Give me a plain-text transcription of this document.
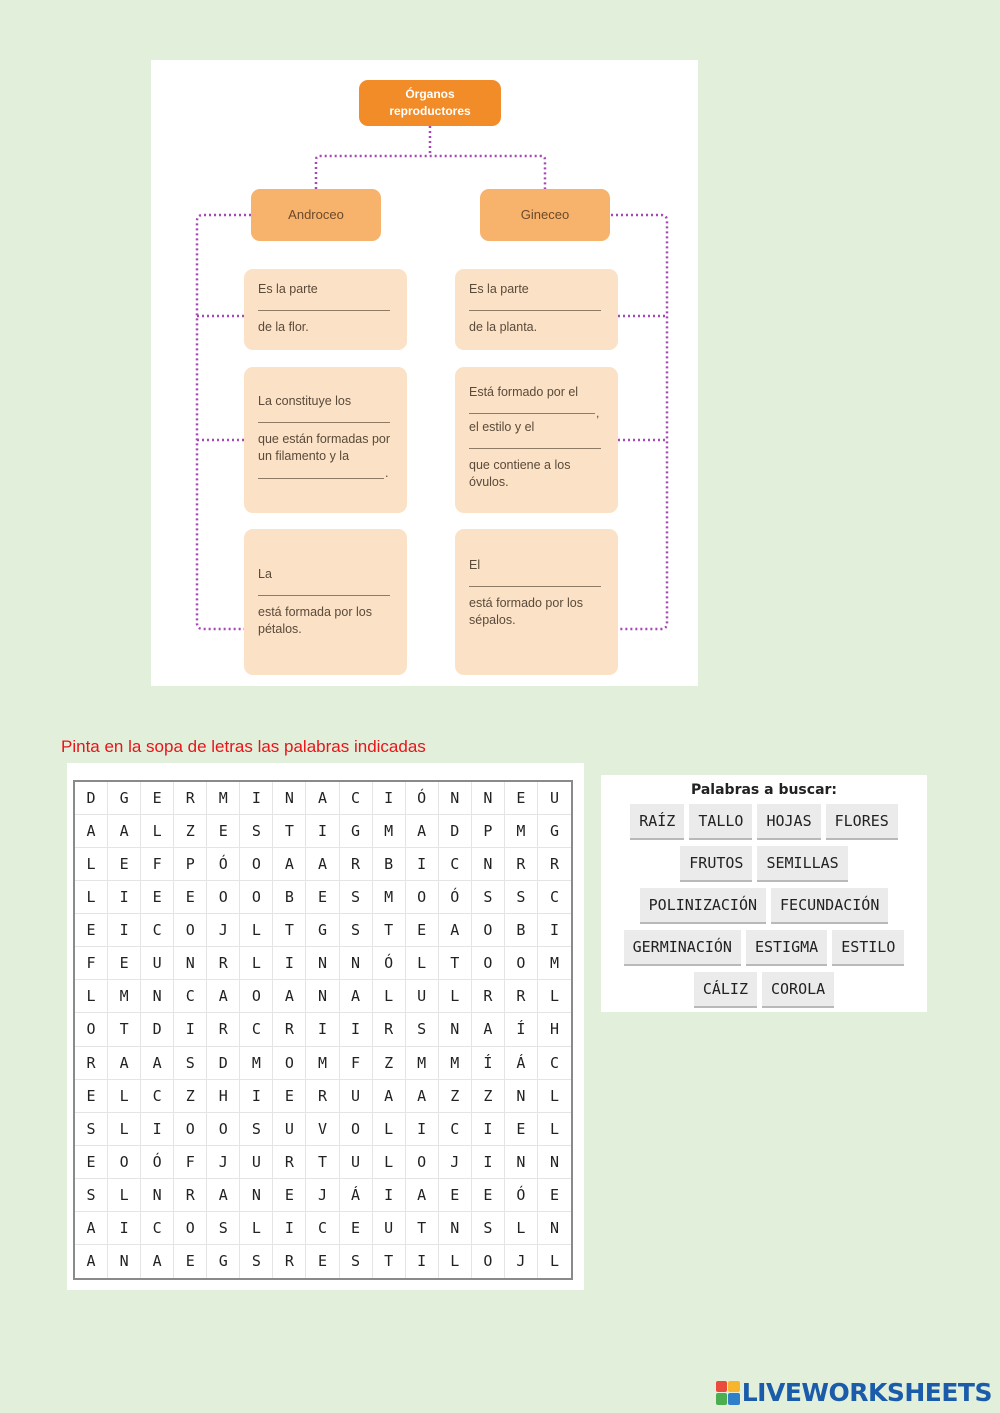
Órganos
reproductores
Androceo	Gineceo
Es la parte
de la flor.
La constituye los
que están formadas por un filamento y la
.
La
está formada por los pétalos.
Es la parte
de la planta.
Está formado por el
,
el estilo y el
que contiene a los óvulos.
El
está formado por los sépalos.
Pinta en la sopa de letras las palabras indicadas
D	G	E	R	M	I	N	A	C	I	Ó	N	N	E	U
A	A	L	Z	E	S	T	I	G	M	A	D	P	M	G
L	E	F	P	Ó	O	A	A	R	B	I	C	N	R	R
L	I	E	E	O	O	B	E	S	M	O	Ó	S	S	C
E	I	C	O	J	L	T	G	S	T	E	A	O	B	I
F	E	U	N	R	L	I	N	N	Ó	L	T	O	O	M
L	M	N	C	A	O	A	N	A	L	U	L	R	R	L
O	T	D	I	R	C	R	I	I	R	S	N	A	Í	H
R	A	A	S	D	M	O	M	F	Z	M	M	Í	Á	C
E	L	C	Z	H	I	E	R	U	A	A	Z	Z	N	L
S	L	I	O	O	S	U	V	O	L	I	C	I	E	L
E	O	Ó	F	J	U	R	T	U	L	O	J	I	N	N
S	L	N	R	A	N	E	J	Á	I	A	E	E	Ó	E
A	I	C	O	S	L	I	C	E	U	T	N	S	L	N
A	N	A	E	G	S	R	E	S	T	I	L	O	J	L
Palabras a buscar:
RAÍZ	TALLO	HOJAS	FLORES
FRUTOS	SEMILLAS
POLINIZACIÓN	FECUNDACIÓN
GERMINACIÓN	ESTIGMA	ESTILO
CÁLIZ	COROLA
LIVEWORKSHEETS
